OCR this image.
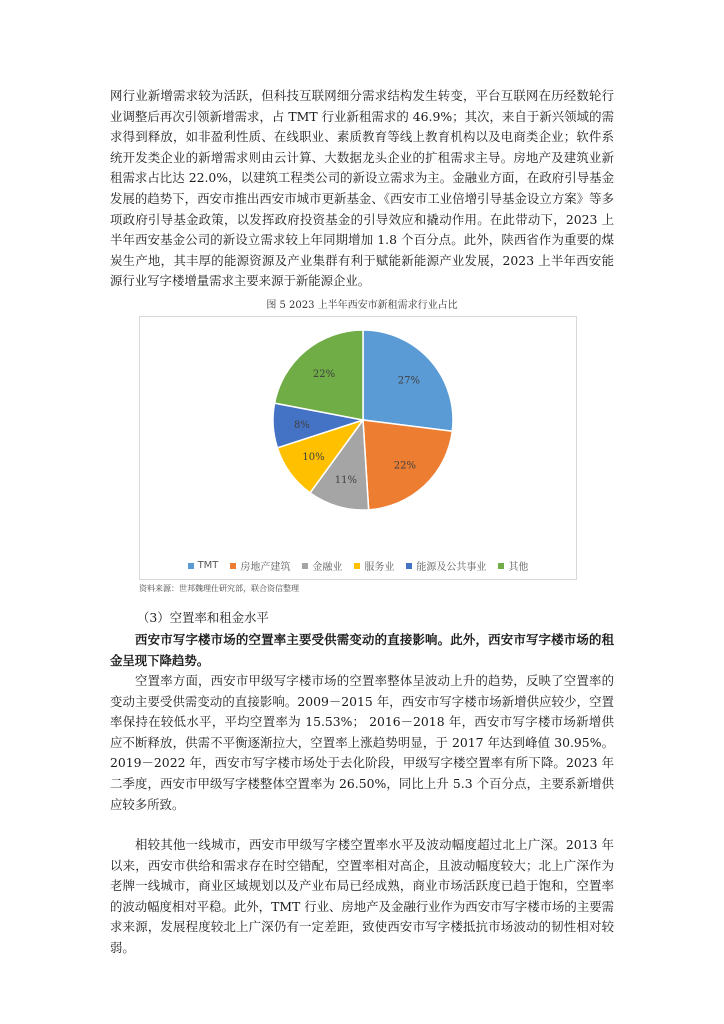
网行业新增需求较为活跃，但科技互联网细分需求结构发生转变，平台互联网在历经数轮行业调整后再次引领新增需求，占 TMT 行业新租需求的 46.9%；其次，来自于新兴领域的需求得到释放，如非盈利性质、在线职业、素质教育等线上教育机构以及电商类企业；软件系统开发类企业的新增需求则由云计算、大数据龙头企业的扩租需求主导。房地产及建筑业新租需求占比达 22.0%，以建筑工程类公司的新设立需求为主。金融业方面，在政府引导基金发展的趋势下，西安市推出西安市城市更新基金、《西安市工业倍增引导基金设立方案》等多项政府引导基金政策，以发挥政府投资基金的引导效应和撬动作用。在此带动下，2023 上半年西安基金公司的新设立需求较上年同期增加 1.8 个百分点。此外，陕西省作为重要的煤炭生产地，其丰厚的能源资源及产业集群有利于赋能新能源产业发展，2023 上半年西安能源行业写字楼增量需求主要来源于新能源企业。

图 5 2023 上半年西安市新租需求行业占比
27%
22%
11%
10%
8%
22%
TMT 房地产建筑 金融业 服务业 能源及公共事业 其他
资料来源：世邦魏理仕研究部，联合资信整理
（3）空置率和租金水平

西安市写字楼市场的空置率主要受供需变动的直接影响。此外，西安市写字楼市场的租金呈现下降趋势。

空置率方面，西安市甲级写字楼市场的空置率整体呈波动上升的趋势，反映了空置率的变动主要受供需变动的直接影响。2009－2015 年，西安市写字楼市场新增供应较少，空置率保持在较低水平，平均空置率为 15.53%； 2016－2018 年，西安市写字楼市场新增供应不断释放，供需不平衡逐渐拉大，空置率上涨趋势明显，于 2017 年达到峰值 30.95%。2019－2022 年，西安市写字楼市场处于去化阶段，甲级写字楼空置率有所下降。2023 年二季度，西安市甲级写字楼整体空置率为 26.50%，同比上升 5.3 个百分点，主要系新增供应较多所致。

相较其他一线城市，西安市甲级写字楼空置率水平及波动幅度超过北上广深。2013 年以来，西安市供给和需求存在时空错配，空置率相对高企，且波动幅度较大；北上广深作为老牌一线城市，商业区域规划以及产业布局已经成熟，商业市场活跃度已趋于饱和，空置率的波动幅度相对平稳。此外，TMT 行业、房地产及金融行业作为西安市写字楼市场的主要需求来源，发展程度较北上广深仍有一定差距，致使西安市写字楼抵抗市场波动的韧性相对较弱。
